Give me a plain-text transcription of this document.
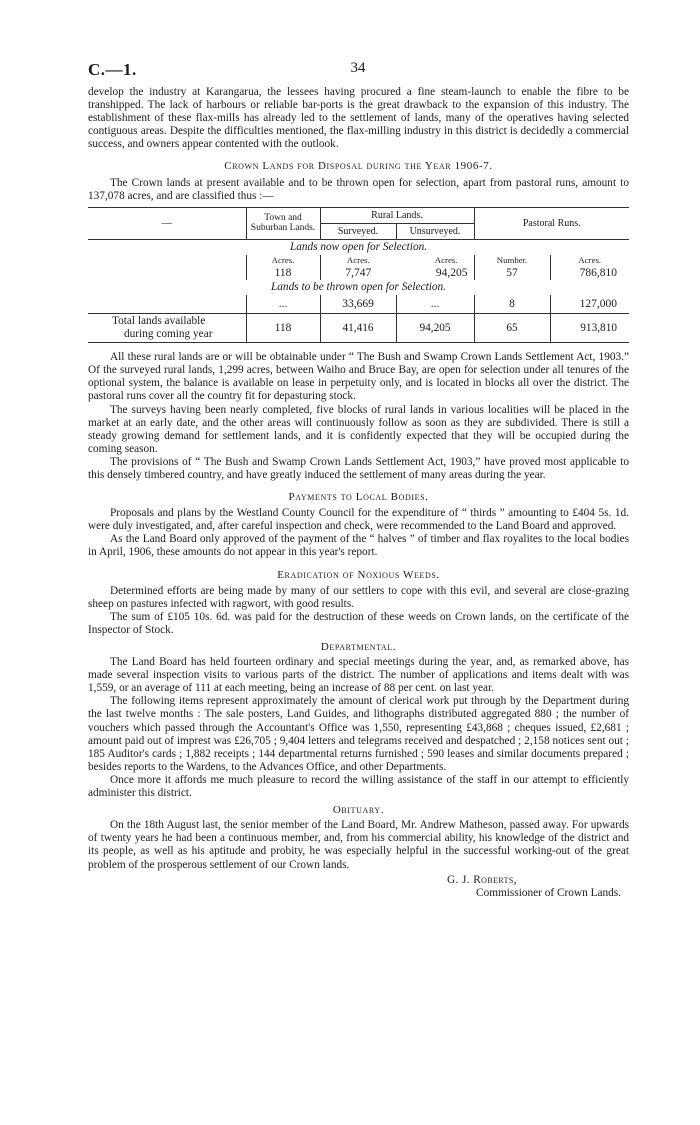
C.—1.	34

develop the industry at Karangarua, the lessees having procured a fine steam-launch to enable the fibre to be transhipped. The lack of harbours or reliable bar-ports is the great drawback to the expansion of this industry. The establishment of these flax-mills has already led to the settlement of lands, many of the operatives having selected contiguous areas. Despite the difficulties mentioned, the flax-milling industry in this district is decidedly a commercial success, and owners appear contented with the outlook.

Crown Lands for Disposal during the Year 1906-7.

The Crown lands at present available and to be thrown open for selection, apart from pastoral runs, amount to 137,078 acres, and are classified thus :—

—	Town and Suburban Lands.	Rural Lands.		Pastoral Runs.	
		Surveyed.	Unsurveyed.		
Lands now open for Selection.					
	Acres.	Acres.	Acres.	Number.	Acres.
	118	7,747	94,205	57	786,810
Lands to be thrown open for Selection.					
	...	33,669	...	8	127,000
Total lands available
during coming year	118	41,416	94,205	65	913,810

All these rural lands are or will be obtainable under “ The Bush and Swamp Crown Lands Settlement Act, 1903.” Of the surveyed rural lands, 1,299 acres, between Waiho and Bruce Bay, are open for selection under all tenures of the optional system, the balance is available on lease in perpetuity only, and is located in blocks all over the district. The pastoral runs cover all the country fit for depasturing stock.

The surveys having been nearly completed, five blocks of rural lands in various localities will be placed in the market at an early date, and the other areas will continuously follow as soon as they are subdivided. There is still a steady growing demand for settlement lands, and it is confidently expected that they will be occupied during the coming season.

The provisions of “ The Bush and Swamp Crown Lands Settlement Act, 1903,” have proved most applicable to this densely timbered country, and have greatly induced the settlement of many areas during the year.

Payments to Local Bodies.

Proposals and plans by the Westland County Council for the expenditure of “ thirds ” amounting to £404 5s. 1d. were duly investigated, and, after careful inspection and check, were recommended to the Land Board and approved.

As the Land Board only approved of the payment of the “ halves ” of timber and flax royalites to the local bodies in April, 1906, these amounts do not appear in this year's report.

Eradication of Noxious Weeds.

Determined efforts are being made by many of our settlers to cope with this evil, and several are close-grazing sheep on pastures infected with ragwort, with good results.

The sum of £105 10s. 6d. was paid for the destruction of these weeds on Crown lands, on the certificate of the Inspector of Stock.

Departmental.

The Land Board has held fourteen ordinary and special meetings during the year, and, as remarked above, has made several inspection visits to various parts of the district. The number of applications and items dealt with was 1,559, or an average of 111 at each meeting, being an increase of 88 per cent. on last year.

The following items represent approximately the amount of clerical work put through by the Department during the last twelve months : The sale posters, Land Guides, and lithographs distributed aggregated 880 ; the number of vouchers which passed through the Accountant's Office was 1,550, representing £43,868 ; cheques issued, £2,681 ; amount paid out of imprest was £26,705 ; 9,404 letters and telegrams received and despatched ; 2,158 notices sent out ; 185 Auditor's cards ; 1,882 receipts ; 144 departmental returns furnished ; 590 leases and similar documents prepared ; besides reports to the Wardens, to the Advances Office, and other Departments.

Once more it affords me much pleasure to record the willing assistance of the staff in our attempt to efficiently administer this district.

Obituary.

On the 18th August last, the senior member of the Land Board, Mr. Andrew Matheson, passed away. For upwards of twenty years he had been a continuous member, and, from his commercial ability, his knowledge of the district and its people, as well as his aptitude and probity, he was especially helpful in the successful working-out of the great problem of the prosperous settlement of our Crown lands.

G. J. Roberts,
Commissioner of Crown Lands.
